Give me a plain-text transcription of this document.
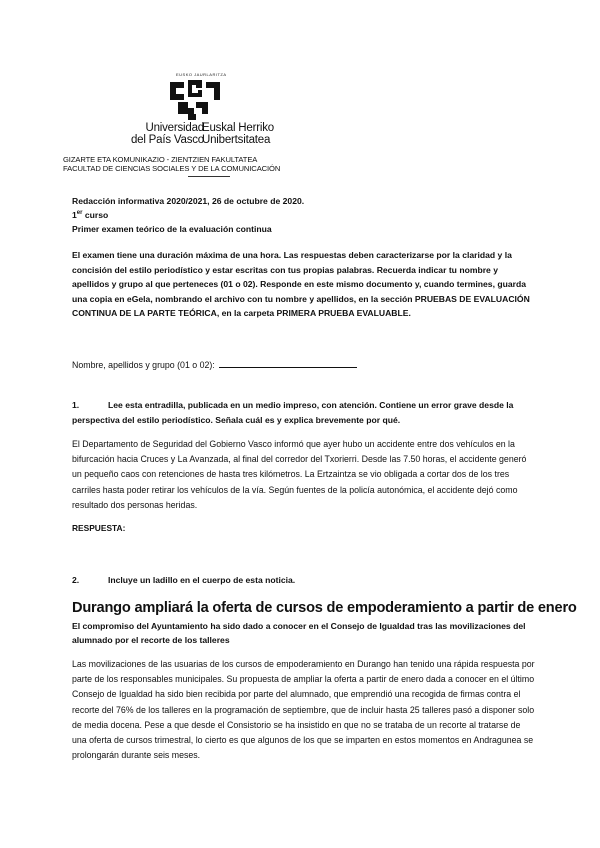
EUSKO JAURLARITZA
Universidad
del País Vasco
Euskal Herriko
Unibertsitatea
GIZARTE ETA KOMUNIKAZIO - ZIENTZIEN FAKULTATEA
FACULTAD DE CIENCIAS SOCIALES Y DE LA COMUNICACIÓN
Redacción informativa 2020/2021, 26 de octubre de 2020.
1er curso
Primer examen teórico de la evaluación continua
El examen tiene una duración máxima de una hora. Las respuestas deben caracterizarse por la claridad y la concisión del estilo periodístico y estar escritas con tus propias palabras. Recuerda indicar tu nombre y apellidos y grupo al que perteneces (01 o 02). Responde en este mismo documento y, cuando termines, guarda una copia en eGela, nombrando el archivo con tu nombre y apellidos, en la sección PRUEBAS DE EVALUACIÓN CONTINUA DE LA PARTE TEÓRICA, en la carpeta PRIMERA PRUEBA EVALUABLE.
Nombre, apellidos y grupo (01 o 02):
1.	Lee esta entradilla, publicada en un medio impreso, con atención. Contiene un error grave desde la perspectiva del estilo periodístico. Señala cuál es y explica brevemente por qué.
El Departamento de Seguridad del Gobierno Vasco informó que ayer hubo un accidente entre dos vehículos en la bifurcación hacia Cruces y La Avanzada, al final del corredor del Txorierri. Desde las 7.50 horas, el accidente generó un pequeño caos con retenciones de hasta tres kilómetros. La Ertzaintza se vio obligada a cortar dos de los tres carriles hasta poder retirar los vehículos de la vía. Según fuentes de la policía autonómica, el accidente dejó como resultado dos personas heridas.
RESPUESTA:
2.	Incluye un ladillo en el cuerpo de esta noticia.
Durango ampliará la oferta de cursos de empoderamiento a partir de enero
El compromiso del Ayuntamiento ha sido dado a conocer en el Consejo de Igualdad tras las movilizaciones del alumnado por el recorte de los talleres
Las movilizaciones de las usuarias de los cursos de empoderamiento en Durango han tenido una rápida respuesta por parte de los responsables municipales. Su propuesta de ampliar la oferta a partir de enero dada a conocer en el último Consejo de Igualdad ha sido bien recibida por parte del alumnado, que emprendió una recogida de firmas contra el recorte del 76% de los talleres en la programación de septiembre, que de incluir hasta 25 talleres pasó a disponer solo de media docena. Pese a que desde el Consistorio se ha insistido en que no se trataba de un recorte al tratarse de una oferta de cursos trimestral, lo cierto es que algunos de los que se imparten en estos momentos en Andragunea se prolongarán durante seis meses.
